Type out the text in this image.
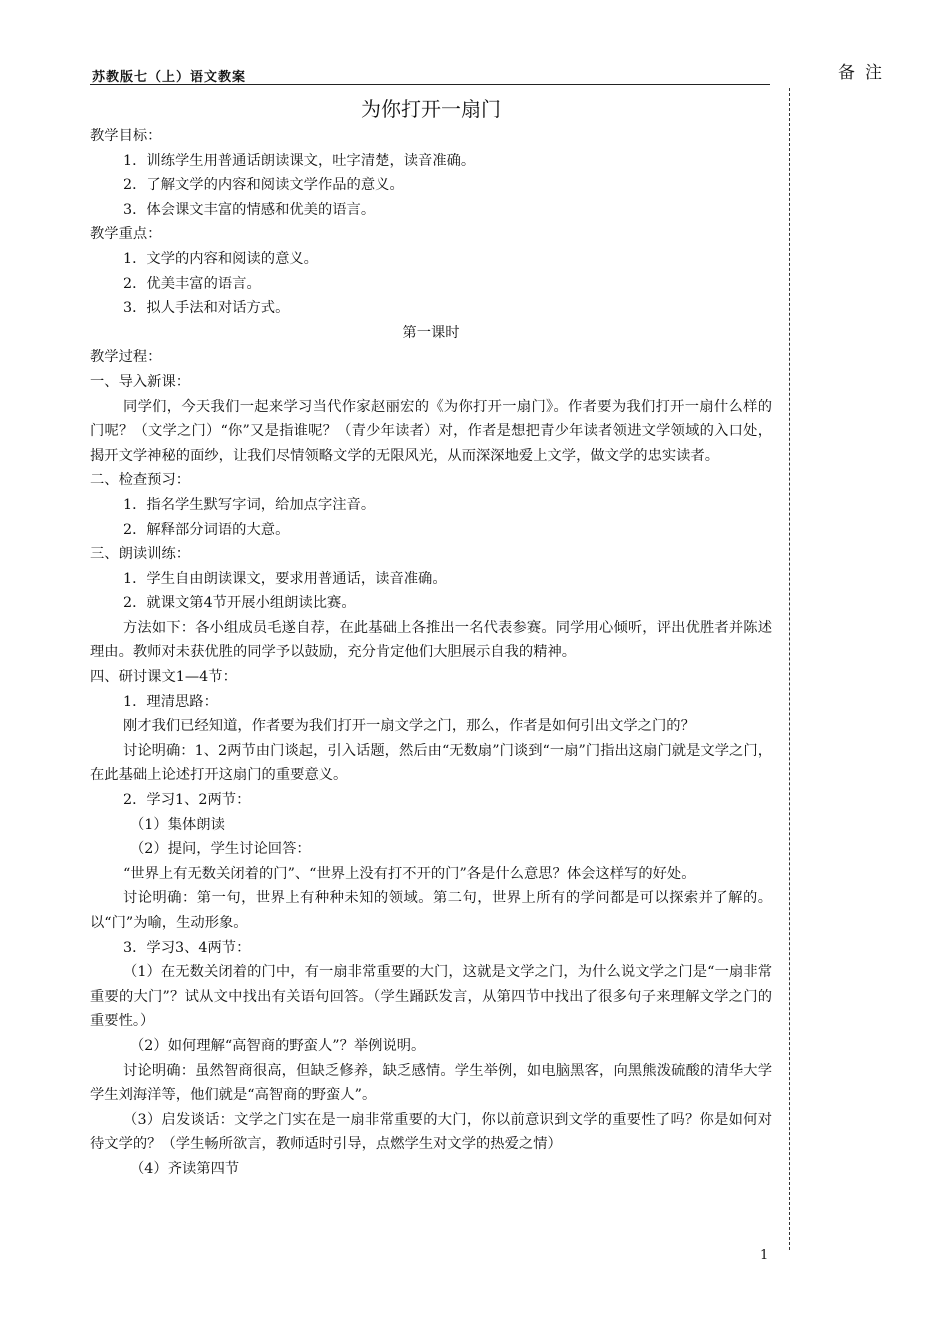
苏教版七（上）语文教案	备注
为你打开一扇门

教学目标：

1．训练学生用普通话朗读课文，吐字清楚，读音准确。

2．了解文学的内容和阅读文学作品的意义。

3．体会课文丰富的情感和优美的语言。

教学重点：

1．文学的内容和阅读的意义。

2．优美丰富的语言。

3．拟人手法和对话方式。

第一课时

教学过程：

一、导入新课：

同学们，今天我们一起来学习当代作家赵丽宏的《为你打开一扇门》。作者要为我们打开一扇什么样的门呢？（文学之门）“你”又是指谁呢？（青少年读者）对，作者是想把青少年读者领进文学领域的入口处，揭开文学神秘的面纱，让我们尽情领略文学的无限风光，从而深深地爱上文学，做文学的忠实读者。

二、检查预习：

1．指名学生默写字词，给加点字注音。

2．解释部分词语的大意。

三、朗读训练：

1．学生自由朗读课文，要求用普通话，读音准确。

2．就课文第4节开展小组朗读比赛。

方法如下：各小组成员毛遂自荐，在此基础上各推出一名代表参赛。同学用心倾听，评出优胜者并陈述理由。教师对未获优胜的同学予以鼓励，充分肯定他们大胆展示自我的精神。

四、研讨课文1—4节：

1．理清思路：

刚才我们已经知道，作者要为我们打开一扇文学之门，那么，作者是如何引出文学之门的？

讨论明确：1、2两节由门谈起，引入话题，然后由“无数扇”门谈到“一扇”门指出这扇门就是文学之门，在此基础上论述打开这扇门的重要意义。

2．学习1、2两节：

（1）集体朗读

（2）提问，学生讨论回答：

“世界上有无数关闭着的门”、“世界上没有打不开的门”各是什么意思？体会这样写的好处。

讨论明确：第一句，世界上有种种未知的领域。第二句，世界上所有的学问都是可以探索并了解的。以“门”为喻，生动形象。

3．学习3、4两节：

（1）在无数关闭着的门中，有一扇非常重要的大门，这就是文学之门，为什么说文学之门是“一扇非常重要的大门”？试从文中找出有关语句回答。（学生踊跃发言，从第四节中找出了很多句子来理解文学之门的重要性。）

（2）如何理解“高智商的野蛮人”？举例说明。

讨论明确：虽然智商很高，但缺乏修养，缺乏感情。学生举例，如电脑黑客，向黑熊泼硫酸的清华大学学生刘海洋等，他们就是“高智商的野蛮人”。

（3）启发谈话：文学之门实在是一扇非常重要的大门，你以前意识到文学的重要性了吗？你是如何对待文学的？（学生畅所欲言，教师适时引导，点燃学生对文学的热爱之情）

（4）齐读第四节

1
